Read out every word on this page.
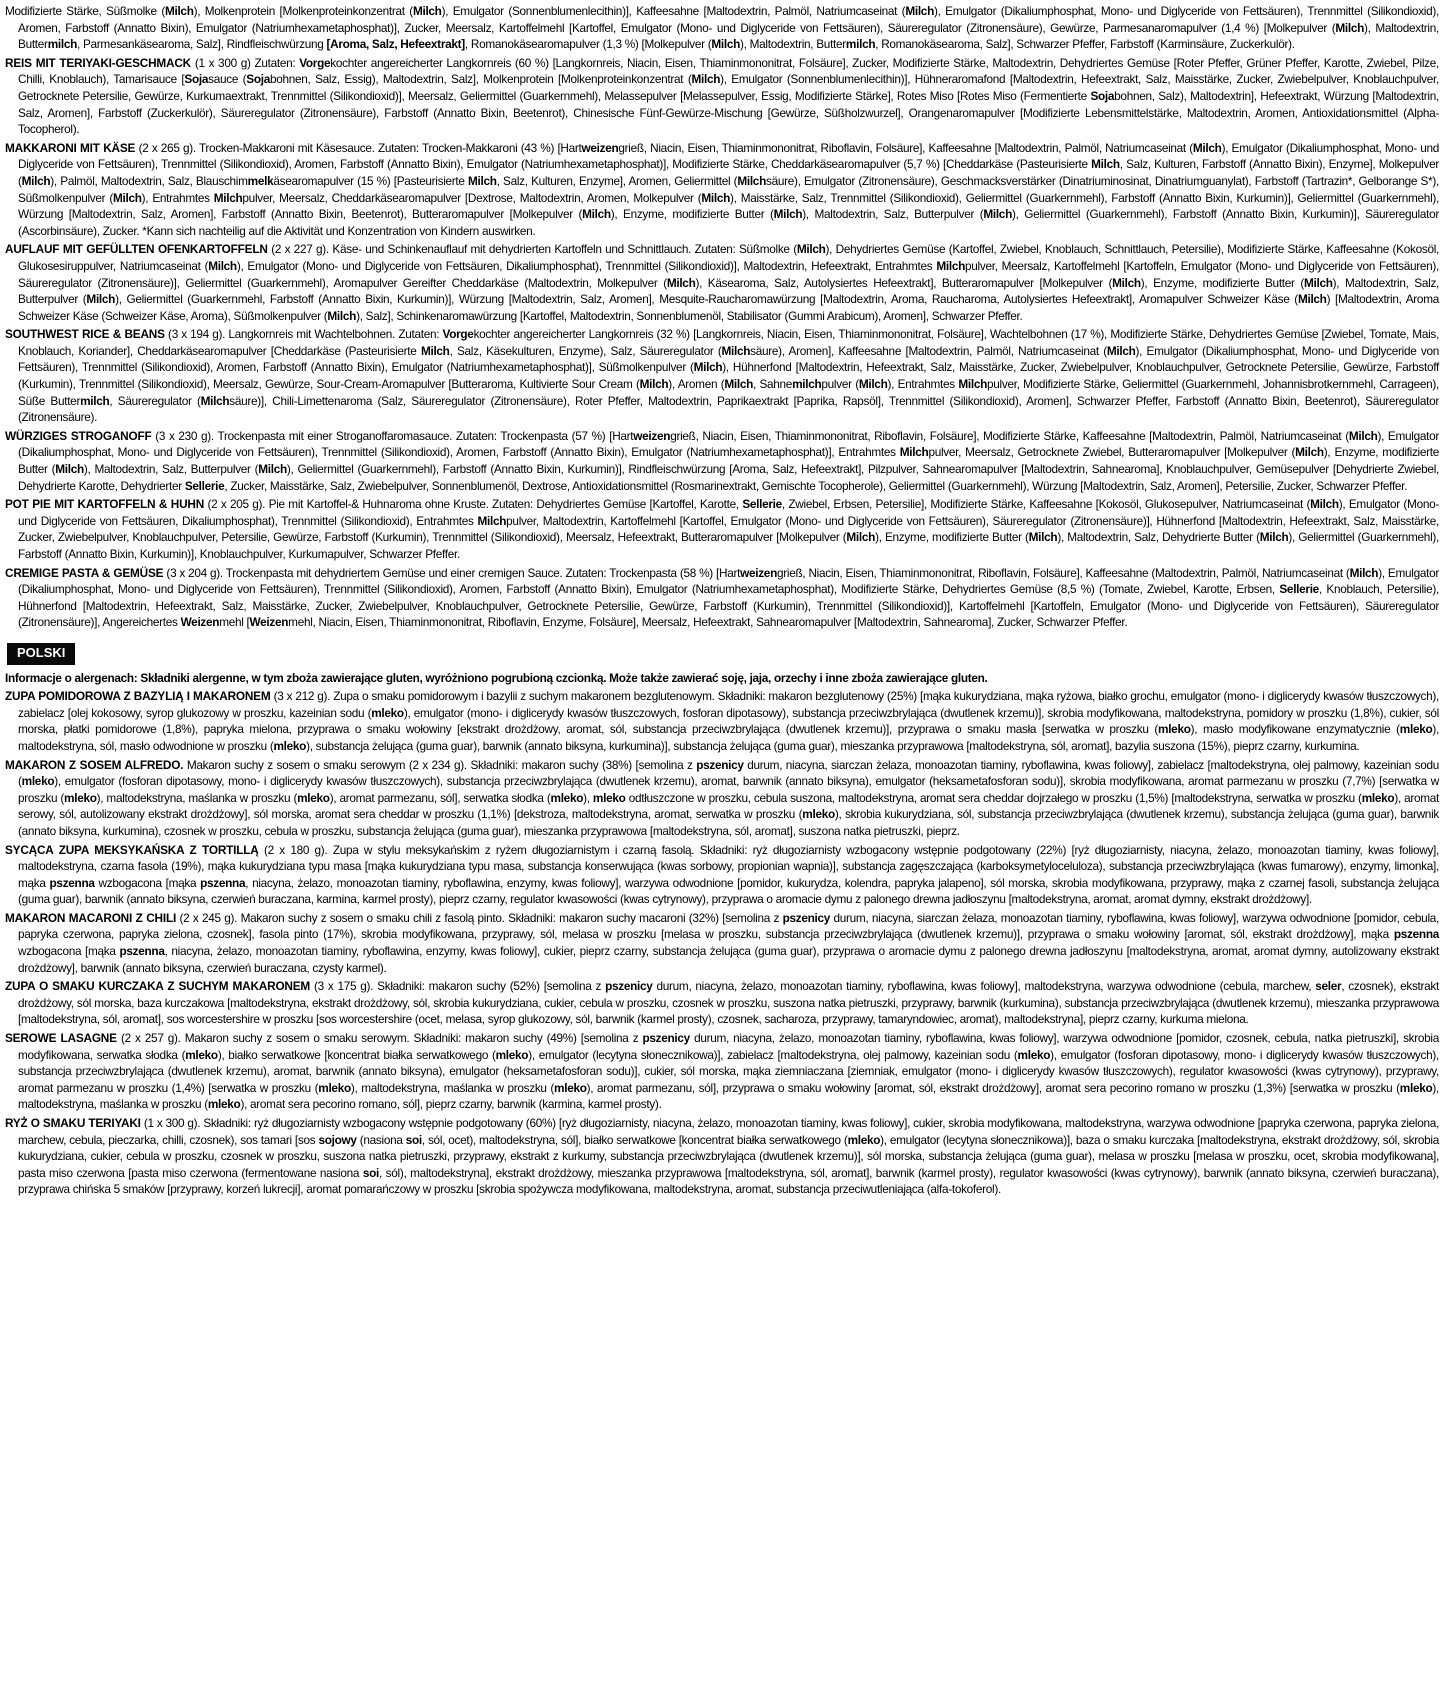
Modifizierte Stärke, Süßmolke (Milch), Molkenprotein [Molkenproteinkonzentrat (Milch), Emulgator (Sonnenblumenlecithin)], Kaffeesahne [Maltodextrin, Palmöl, Natriumcaseinat (Milch), Emulgator (Dikaliumphosphat, Mono- und Diglyceride von Fettsäuren), Trennmittel (Silikondioxid), Aromen, Farbstoff (Annatto Bixin), Emulgator (Natriumhexametaphosphat)], Zucker, Meersalz, Kartoffelmehl [Kartoffel, Emulgator (Mono- und Diglyceride von Fettsäuren), Säureregulator (Zitronensäure), Gewürze, Parmesanaromapulver (1,4 %) [Molkepulver (Milch), Maltodextrin, Buttermilch, Parmesankäsearoma, Salz], Rindfleischwürzung [Aroma, Salz, Hefeextrakt], Romanokäsearomapulver (1,3 %) [Molkepulver (Milch), Maltodextrin, Buttermilch, Romanokäsearoma, Salz], Schwarzer Pfeffer, Farbstoff (Karminsäure, Zuckerkulör).

REIS MIT TERIYAKI-GESCHMACK (1 x 300 g) Zutaten: Vorgekochter angereicherter Langkornreis (60 %) [Langkornreis, Niacin, Eisen, Thiaminmononitrat, Folsäure], Zucker, Modifizierte Stärke, Maltodextrin, Dehydriertes Gemüse [Roter Pfeffer, Grüner Pfeffer, Karotte, Zwiebel, Pilze, Chilli, Knoblauch), Tamarisauce [Sojasauce (Sojabohnen, Salz, Essig), Maltodextrin, Salz], Molkenprotein [Molkenproteinkonzentrat (Milch), Emulgator (Sonnenblumenlecithin)], Hühneraromafond [Maltodextrin, Hefeextrakt, Salz, Maisstärke, Zucker, Zwiebelpulver, Knoblauchpulver, Getrocknete Petersilie, Gewürze, Kurkumaextrakt, Trennmittel (Silikondioxid)], Meersalz, Geliermittel (Guarkernmehl), Melassepulver [Melassepulver, Essig, Modifizierte Stärke], Rotes Miso [Rotes Miso (Fermentierte Sojabohnen, Salz), Maltodextrin], Hefeextrakt, Würzung [Maltodextrin, Salz, Aromen], Farbstoff (Zuckerkulör), Säureregulator (Zitronensäure), Farbstoff (Annatto Bixin, Beetenrot), Chinesische Fünf-Gewürze-Mischung [Gewürze, Süßholzwurzel], Orangenaromapulver [Modifizierte Lebensmittelstärke, Maltodextrin, Aromen, Antioxidationsmittel (Alpha-Tocopherol).

MAKKARONI MIT KÄSE (2 x 265 g). Trocken-Makkaroni mit Käsesauce. Zutaten: Trocken-Makkaroni (43 %) [Hartweizengrieß, Niacin, Eisen, Thiaminmononitrat, Riboflavin, Folsäure], Kaffeesahne [Maltodextrin, Palmöl, Natriumcaseinat (Milch), Emulgator (Dikaliumphosphat, Mono- und Diglyceride von Fettsäuren), Trennmittel (Silikondioxid), Aromen, Farbstoff (Annatto Bixin), Emulgator (Natriumhexametaphosphat)], Modifizierte Stärke, Cheddarkäsearomapulver (5,7 %) [Cheddarkäse (Pasteurisierte Milch, Salz, Kulturen, Farbstoff (Annatto Bixin), Enzyme], Molkepulver (Milch), Palmöl, Maltodextrin, Salz, Blauschimmelkäsearomapulver (15 %) [Pasteurisierte Milch, Salz, Kulturen, Enzyme], Aromen, Geliermittel (Milchsäure), Emulgator (Zitronensäure), Geschmacksverstärker (Dinatriuminosinat, Dinatriumguanylat), Farbstoff (Tartrazin*, Gelborange S*), Süßmolkenpulver (Milch), Entrahmtes Milchpulver, Meersalz, Cheddarkäsearomapulver [Dextrose, Maltodextrin, Aromen, Molkepulver (Milch), Maisstärke, Salz, Trennmittel (Silikondioxid), Geliermittel (Guarkernmehl), Farbstoff (Annatto Bixin, Kurkumin)], Geliermittel (Guarkernmehl), Würzung [Maltodextrin, Salz, Aromen], Farbstoff (Annatto Bixin, Beetenrot), Butteraromapulver [Molkepulver (Milch), Enzyme, modifizierte Butter (Milch), Maltodextrin, Salz, Butterpulver (Milch), Geliermittel (Guarkernmehl), Farbstoff (Annatto Bixin, Kurkumin)], Säureregulator (Ascorbinsäure), Zucker. *Kann sich nachteilig auf die Aktivität und Konzentration von Kindern auswirken.

AUFLAUF MIT GEFÜLLTEN OFENKARTOFFELN (2 x 227 g). Käse- und Schinkenauflauf mit dehydrierten Kartoffeln und Schnittlauch. Zutaten: Süßmolke (Milch), Dehydriertes Gemüse (Kartoffel, Zwiebel, Knoblauch, Schnittlauch, Petersilie), Modifizierte Stärke, Kaffeesahne (Kokosöl, Glukosesiruppulver, Natriumcaseinat (Milch), Emulgator (Mono- und Diglyceride von Fettsäuren, Dikaliumphosphat), Trennmittel (Silikondioxid)], Maltodextrin, Hefeextrakt, Entrahmtes Milchpulver, Meersalz, Kartoffelmehl [Kartoffeln, Emulgator (Mono- und Diglyceride von Fettsäuren), Säureregulator (Zitronensäure)], Geliermittel (Guarkernmehl), Aromapulver Gereifter Cheddarkäse (Maltodextrin, Molkepulver (Milch), Käsearoma, Salz, Autolysiertes Hefeextrakt], Butteraromapulver [Molkepulver (Milch), Enzyme, modifizierte Butter (Milch), Maltodextrin, Salz, Butterpulver (Milch), Geliermittel (Guarkernmehl, Farbstoff (Annatto Bixin, Kurkumin)], Würzung [Maltodextrin, Salz, Aromen], Mesquite-Raucharomawürzung [Maltodextrin, Aroma, Raucharoma, Autolysiertes Hefeextrakt], Aromapulver Schweizer Käse (Milch) [Maltodextrin, Aroma Schweizer Käse (Schweizer Käse, Aroma), Süßmolkenpulver (Milch), Salz], Schinkenaromawürzung [Kartoffel, Maltodextrin, Sonnenblumenöl, Stabilisator (Gummi Arabicum), Aromen], Schwarzer Pfeffer.

SOUTHWEST RICE & BEANS (3 x 194 g). Langkornreis mit Wachtelbohnen. Zutaten: Vorgekochter angereicherter Langkornreis (32 %) [Langkornreis, Niacin, Eisen, Thiaminmononitrat, Folsäure], Wachtelbohnen (17 %), Modifizierte Stärke, Dehydriertes Gemüse [Zwiebel, Tomate, Mais, Knoblauch, Koriander], Cheddarkäsearomapulver [Cheddarkäse (Pasteurisierte Milch, Salz, Käsekulturen, Enzyme), Salz, Säureregulator (Milchsäure), Aromen], Kaffeesahne [Maltodextrin, Palmöl, Natriumcaseinat (Milch), Emulgator (Dikaliumphosphat, Mono- und Diglyceride von Fettsäuren), Trennmittel (Silikondioxid), Aromen, Farbstoff (Annatto Bixin), Emulgator (Natriumhexametaphosphat)], Süßmolkenpulver (Milch), Hühnerfond [Maltodextrin, Hefeextrakt, Salz, Maisstärke, Zucker, Zwiebelpulver, Knoblauchpulver, Getrocknete Petersilie, Gewürze, Farbstoff (Kurkumin), Trennmittel (Silikondioxid), Meersalz, Gewürze, Sour-Cream-Aromapulver [Butteraroma, Kultivierte Sour Cream (Milch), Aromen (Milch, Sahnemilchpulver (Milch), Entrahmtes Milchpulver, Modifizierte Stärke, Geliermittel (Guarkernmehl, Johannisbrotkernmehl, Carrageen), Süße Buttermilch, Säureregulator (Milchsäure)], Chili-Limettenaroma (Salz, Säureregulator (Zitronensäure), Roter Pfeffer, Maltodextrin, Paprikaextrakt [Paprika, Rapsöl], Trennmittel (Silikondioxid), Aromen], Schwarzer Pfeffer, Farbstoff (Annatto Bixin, Beetenrot), Säureregulator (Zitronensäure).

WÜRZIGES STROGANOFF (3 x 230 g). Trockenpasta mit einer Stroganoffaromasauce. Zutaten: Trockenpasta (57 %) [Hartweizengrieß, Niacin, Eisen, Thiaminmononitrat, Riboflavin, Folsäure], Modifizierte Stärke, Kaffeesahne [Maltodextrin, Palmöl, Natriumcaseinat (Milch), Emulgator (Dikaliumphosphat, Mono- und Diglyceride von Fettsäuren), Trennmittel (Silikondioxid), Aromen, Farbstoff (Annatto Bixin), Emulgator (Natriumhexametaphosphat)], Entrahmtes Milchpulver, Meersalz, Getrocknete Zwiebel, Butteraromapulver [Molkepulver (Milch), Enzyme, modifizierte Butter (Milch), Maltodextrin, Salz, Butterpulver (Milch), Geliermittel (Guarkernmehl), Farbstoff (Annatto Bixin, Kurkumin)], Rindfleischwürzung [Aroma, Salz, Hefeextrakt], Pilzpulver, Sahnearomapulver [Maltodextrin, Sahnearoma], Knoblauchpulver, Gemüsepulver [Dehydrierte Zwiebel, Dehydrierte Karotte, Dehydrierter Sellerie, Zucker, Maisstärke, Salz, Zwiebelpulver, Sonnenblumenöl, Dextrose, Antioxidationsmittel (Rosmarinextrakt, Gemischte Tocopherole), Geliermittel (Guarkernmehl), Würzung [Maltodextrin, Salz, Aromen], Petersilie, Zucker, Schwarzer Pfeffer.

POT PIE MIT KARTOFFELN & HUHN (2 x 205 g). Pie mit Kartoffel-& Huhnaroma ohne Kruste. Zutaten: Dehydriertes Gemüse [Kartoffel, Karotte, Sellerie, Zwiebel, Erbsen, Petersilie], Modifizierte Stärke, Kaffeesahne [Kokosöl, Glukosepulver, Natriumcaseinat (Milch), Emulgator (Mono- und Diglyceride von Fettsäuren, Dikaliumphosphat), Trennmittel (Silikondioxid), Entrahmtes Milchpulver, Maltodextrin, Kartoffelmehl [Kartoffel, Emulgator (Mono- und Diglyceride von Fettsäuren), Säureregulator (Zitronensäure)], Hühnerfond [Maltodextrin, Hefeextrakt, Salz, Maisstärke, Zucker, Zwiebelpulver, Knoblauchpulver, Petersilie, Gewürze, Farbstoff (Kurkumin), Trennmittel (Silikondioxid), Meersalz, Hefeextrakt, Butteraromapulver [Molkepulver (Milch), Enzyme, modifizierte Butter (Milch), Maltodextrin, Salz, Dehydrierte Butter (Milch), Geliermittel (Guarkernmehl), Farbstoff (Annatto Bixin, Kurkumin)], Knoblauchpulver, Kurkumapulver, Schwarzer Pfeffer.

CREMIGE PASTA & GEMÜSE (3 x 204 g). Trockenpasta mit dehydriertem Gemüse und einer cremigen Sauce. Zutaten: Trockenpasta (58 %) [Hartweizengrieß, Niacin, Eisen, Thiaminmononitrat, Riboflavin, Folsäure], Kaffeesahne (Maltodextrin, Palmöl, Natriumcaseinat (Milch), Emulgator (Dikaliumphosphat, Mono- und Diglyceride von Fettsäuren), Trennmittel (Silikondioxid), Aromen, Farbstoff (Annatto Bixin), Emulgator (Natriumhexametaphosphat), Modifizierte Stärke, Dehydriertes Gemüse (8,5 %) (Tomate, Zwiebel, Karotte, Erbsen, Sellerie, Knoblauch, Petersilie), Hühnerfond [Maltodextrin, Hefeextrakt, Salz, Maisstärke, Zucker, Zwiebelpulver, Knoblauchpulver, Getrocknete Petersilie, Gewürze, Farbstoff (Kurkumin), Trennmittel (Silikondioxid)], Kartoffelmehl [Kartoffeln, Emulgator (Mono- und Diglyceride von Fettsäuren), Säureregulator (Zitronensäure)], Angereichertes Weizenmehl [Weizenmehl, Niacin, Eisen, Thiaminmononitrat, Riboflavin, Enzyme, Folsäure], Meersalz, Hefeextrakt, Sahnearomapulver [Maltodextrin, Sahnearoma], Zucker, Schwarzer Pfeffer.

POLSKI

Informacje o alergenach: Składniki alergenne, w tym zboża zawierające gluten, wyróżniono pogrubioną czcionką. Może także zawierać soję, jaja, orzechy i inne zboża zawierające gluten.

ZUPA POMIDOROWA Z BAZYLIĄ I MAKARONEM (3 x 212 g). Zupa o smaku pomidorowym i bazylii z suchym makaronem bezglutenowym. Składniki: makaron bezglutenowy (25%) [mąka kukurydziana, mąka ryżowa, białko grochu, emulgator (mono- i diglicerydy kwasów tłuszczowych), zabielacz [olej kokosowy, syrop glukozowy w proszku, kazeinian sodu (mleko), emulgator (mono- i diglicerydy kwasów tłuszczowych, fosforan dipotasowy), substancja przeciwzbrylająca (dwutlenek krzemu)], skrobia modyfikowana, maltodekstryna, pomidory w proszku (1,8%), cukier, sól morska, płatki pomidorowe (1,8%), papryka mielona, przyprawa o smaku wołowiny [ekstrakt drożdżowy, aromat, sól, substancja przeciwzbrylająca (dwutlenek krzemu)], przyprawa o smaku masła [serwatka w proszku (mleko), masło modyfikowane enzymatycznie (mleko), maltodekstryna, sól, masło odwodnione w proszku (mleko), substancja żelująca (guma guar), barwnik (annato biksyna, kurkumina)], substancja żelująca (guma guar), mieszanka przyprawowa [maltodekstryna, sól, aromat], bazylia suszona (15%), pieprz czarny, kurkumina.

MAKARON Z SOSEM ALFREDO. Makaron suchy z sosem o smaku serowym (2 x 234 g). Składniki: makaron suchy (38%) [semolina z pszenicy durum, niacyna, siarczan żelaza, monoazotan tiaminy, ryboflawina, kwas foliowy], zabielacz [maltodekstryna, olej palmowy, kazeinian sodu (mleko), emulgator (fosforan dipotasowy, mono- i diglicerydy kwasów tłuszczowych), substancja przeciwzbrylająca (dwutlenek krzemu), aromat, barwnik (annato biksyna), emulgator (heksametafosforan sodu)], skrobia modyfikowana, aromat parmezanu w proszku (7,7%) [serwatka w proszku (mleko), maltodekstryna, maślanka w proszku (mleko), aromat parmezanu, sól], serwatka słodka (mleko), mleko odtłuszczone w proszku, cebula suszona, maltodekstryna, aromat sera cheddar dojrzałego w proszku (1,5%) [maltodekstryna, serwatka w proszku (mleko), aromat serowy, sól, autolizowany ekstrakt drożdżowy], sól morska, aromat sera cheddar w proszku (1,1%) [dekstroza, maltodekstryna, aromat, serwatka w proszku (mleko), skrobia kukurydziana, sól, substancja przeciwzbrylająca (dwutlenek krzemu), substancja żelująca (guma guar), barwnik (annato biksyna, kurkumina), czosnek w proszku, cebula w proszku, substancja żelująca (guma guar), mieszanka przyprawowa [maltodekstryna, sól, aromat], suszona natka pietruszki, pieprz.

SYCĄCA ZUPA MEKSYKAŃSKA Z TORTILLĄ (2 x 180 g). Zupa w stylu meksykańskim z ryżem długoziarnistym i czarną fasolą. Składniki: ryż długoziarnisty wzbogacony wstępnie podgotowany (22%) [ryż długoziarnisty, niacyna, żelazo, monoazotan tiaminy, kwas foliowy], maltodekstryna, czarna fasola (19%), mąka kukurydziana typu masa [mąka kukurydziana typu masa, substancja konserwująca (kwas sorbowy, propionian wapnia)], substancja zagęszczająca (karboksymetyloceluloza), substancja przeciwzbrylająca (kwas fumarowy), enzymy, limonka], mąka pszenna wzbogacona [mąka pszenna, niacyna, żelazo, monoazotan tiaminy, ryboflawina, enzymy, kwas foliowy], warzywa odwodnione [pomidor, kukurydza, kolendra, papryka jalapeno], sól morska, skrobia modyfikowana, przyprawy, mąka z czarnej fasoli, substancja żelująca (guma guar), barwnik (annato biksyna, czerwień buraczana, karmina, karmel prosty), pieprz czarny, regulator kwasowości (kwas cytrynowy), przyprawa o aromacie dymu z palonego drewna jadłoszynu [maltodekstryna, aromat, aromat dymny, ekstrakt drożdżowy].

MAKARON MACARONI Z CHILI (2 x 245 g). Makaron suchy z sosem o smaku chili z fasolą pinto. Składniki: makaron suchy macaroni (32%) [semolina z pszenicy durum, niacyna, siarczan żelaza, monoazotan tiaminy, ryboflawina, kwas foliowy], warzywa odwodnione [pomidor, cebula, papryka czerwona, papryka zielona, czosnek], fasola pinto (17%), skrobia modyfikowana, przyprawy, sól, melasa w proszku [melasa w proszku, substancja przeciwzbrylająca (dwutlenek krzemu)], przyprawa o smaku wołowiny [aromat, sól, ekstrakt drożdżowy], mąka pszenna wzbogacona [mąka pszenna, niacyna, żelazo, monoazotan tiaminy, ryboflawina, enzymy, kwas foliowy], cukier, pieprz czarny, substancja żelująca (guma guar), przyprawa o aromacie dymu z palonego drewna jadłoszynu [maltodekstryna, aromat, aromat dymny, autolizowany ekstrakt drożdżowy], barwnik (annato biksyna, czerwień buraczana, czysty karmel).

ZUPA O SMAKU KURCZAKA Z SUCHYM MAKARONEM (3 x 175 g). Składniki: makaron suchy (52%) [semolina z pszenicy durum, niacyna, żelazo, monoazotan tiaminy, ryboflawina, kwas foliowy], maltodekstryna, warzywa odwodnione (cebula, marchew, seler, czosnek), ekstrakt drożdżowy, sól morska, baza kurczakowa [maltodekstryna, ekstrakt drożdżowy, sól, skrobia kukurydziana, cukier, cebula w proszku, czosnek w proszku, suszona natka pietruszki, przyprawy, barwnik (kurkumina), substancja przeciwzbrylająca (dwutlenek krzemu), mieszanka przyprawowa [maltodekstryna, sól, aromat], sos worcestershire w proszku [sos worcestershire (ocet, melasa, syrop glukozowy, sól, barwnik (karmel prosty), czosnek, sacharoza, przyprawy, tamaryndowiec, aromat), maltodekstryna], pieprz czarny, kurkuma mielona.

SEROWE LASAGNE (2 x 257 g). Makaron suchy z sosem o smaku serowym. Składniki: makaron suchy (49%) [semolina z pszenicy durum, niacyna, żelazo, monoazotan tiaminy, ryboflawina, kwas foliowy], warzywa odwodnione [pomidor, czosnek, cebula, natka pietruszki], skrobia modyfikowana, serwatka słodka (mleko), białko serwatkowe [koncentrat białka serwatkowego (mleko), emulgator (lecytyna słonecznikowa)], zabielacz [maltodekstryna, olej palmowy, kazeinian sodu (mleko), emulgator (fosforan dipotasowy, mono- i diglicerydy kwasów tłuszczowych), substancja przeciwzbrylająca (dwutlenek krzemu), aromat, barwnik (annato biksyna), emulgator (heksametafosforan sodu)], cukier, sól morska, mąka ziemniaczana [ziemniak, emulgator (mono- i diglicerydy kwasów tłuszczowych), regulator kwasowości (kwas cytrynowy), przyprawy, aromat parmezanu w proszku (1,4%) [serwatka w proszku (mleko), maltodekstryna, maślanka w proszku (mleko), aromat parmezanu, sól], przyprawa o smaku wołowiny [aromat, sól, ekstrakt drożdżowy], aromat sera pecorino romano w proszku (1,3%) [serwatka w proszku (mleko), maltodekstryna, maślanka w proszku (mleko), aromat sera pecorino romano, sól], pieprz czarny, barwnik (karmina, karmel prosty).

RYŻ O SMAKU TERIYAKI (1 x 300 g). Składniki: ryż długoziarnisty wzbogacony wstępnie podgotowany (60%) [ryż długoziarnisty, niacyna, żelazo, monoazotan tiaminy, kwas foliowy], cukier, skrobia modyfikowana, maltodekstryna, warzywa odwodnione [papryka czerwona, papryka zielona, marchew, cebula, pieczarka, chilli, czosnek), sos tamari [sos sojowy (nasiona soi, sól, ocet), maltodekstryna, sól], białko serwatkowe [koncentrat białka serwatkowego (mleko), emulgator (lecytyna słonecznikowa)], baza o smaku kurczaka [maltodekstryna, ekstrakt drożdżowy, sól, skrobia kukurydziana, cukier, cebula w proszku, czosnek w proszku, suszona natka pietruszki, przyprawy, ekstrakt z kurkumy, substancja przeciwzbrylająca (dwutlenek krzemu)], sól morska, substancja żelująca (guma guar), melasa w proszku [melasa w proszku, ocet, skrobia modyfikowana], pasta miso czerwona [pasta miso czerwona (fermentowane nasiona soi, sól), maltodekstryna], ekstrakt drożdżowy, mieszanka przyprawowa [maltodekstryna, sól, aromat], barwnik (karmel prosty), regulator kwasowości (kwas cytrynowy), barwnik (annato biksyna, czerwień buraczana), przyprawa chińska 5 smaków [przyprawy, korzeń lukrecji], aromat pomarańczowy w proszku [skrobia spożywcza modyfikowana, maltodekstryna, aromat, substancja przeciwutleniająca (alfa-tokoferol).
